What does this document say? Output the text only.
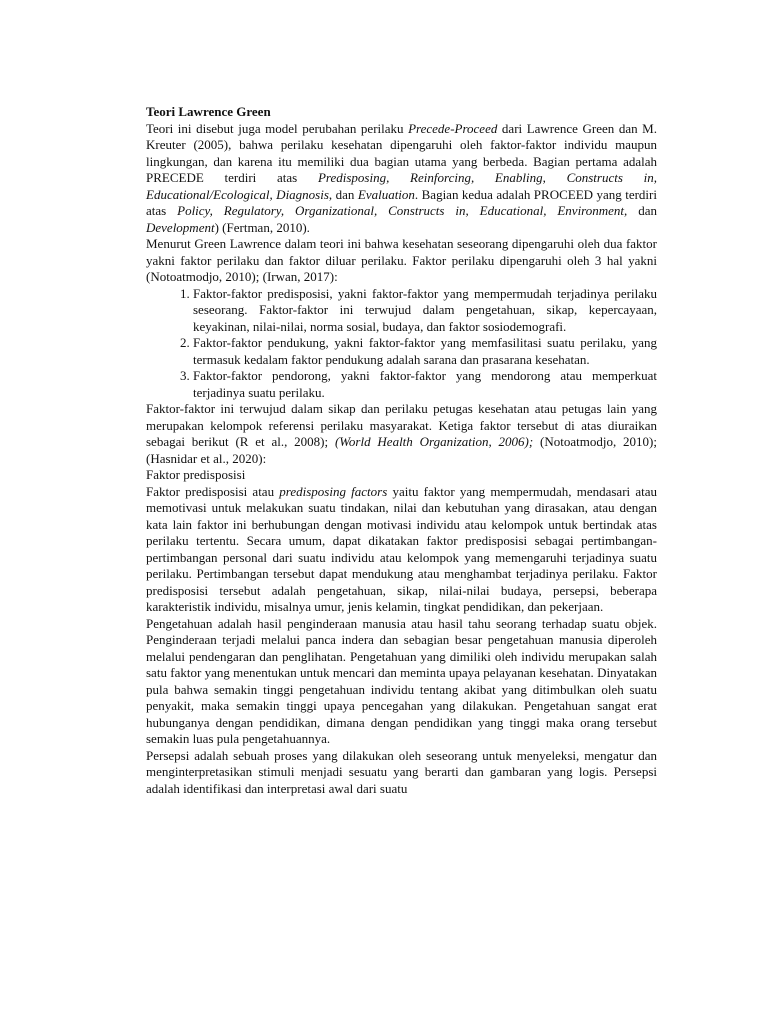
Teori Lawrence Green

Teori ini disebut juga model perubahan perilaku Precede-Proceed dari Lawrence Green dan M. Kreuter (2005), bahwa perilaku kesehatan dipengaruhi oleh faktor-faktor individu maupun lingkungan, dan karena itu memiliki dua bagian utama yang berbeda. Bagian pertama adalah PRECEDE terdiri atas Predisposing, Reinforcing, Enabling, Constructs in, Educational/Ecological, Diagnosis, dan Evaluation. Bagian kedua adalah PROCEED yang terdiri atas Policy, Regulatory, Organizational, Constructs in, Educational, Environment, dan Development) (Fertman, 2010).

Menurut Green Lawrence dalam teori ini bahwa kesehatan seseorang dipengaruhi oleh dua faktor yakni faktor perilaku dan faktor diluar perilaku. Faktor perilaku dipengaruhi oleh 3 hal yakni (Notoatmodjo, 2010); (Irwan, 2017):

1. Faktor-faktor predisposisi, yakni faktor-faktor yang mempermudah terjadinya perilaku seseorang. Faktor-faktor ini terwujud dalam pengetahuan, sikap, kepercayaan, keyakinan, nilai-nilai, norma sosial, budaya, dan faktor sosiodemografi.
2. Faktor-faktor pendukung, yakni faktor-faktor yang memfasilitasi suatu perilaku, yang termasuk kedalam faktor pendukung adalah sarana dan prasarana kesehatan.
3. Faktor-faktor pendorong, yakni faktor-faktor yang mendorong atau memperkuat terjadinya suatu perilaku.

Faktor-faktor ini terwujud dalam sikap dan perilaku petugas kesehatan atau petugas lain yang merupakan kelompok referensi perilaku masyarakat. Ketiga faktor tersebut di atas diuraikan sebagai berikut (R et al., 2008); (World Health Organization, 2006); (Notoatmodjo, 2010); (Hasnidar et al., 2020):

Faktor predisposisi

Faktor predisposisi atau predisposing factors yaitu faktor yang mempermudah, mendasari atau memotivasi untuk melakukan suatu tindakan, nilai dan kebutuhan yang dirasakan, atau dengan kata lain faktor ini berhubungan dengan motivasi individu atau kelompok untuk bertindak atas perilaku tertentu. Secara umum, dapat dikatakan faktor predisposisi sebagai pertimbangan-pertimbangan personal dari suatu individu atau kelompok yang memengaruhi terjadinya suatu perilaku. Pertimbangan tersebut dapat mendukung atau menghambat terjadinya perilaku. Faktor predisposisi tersebut adalah pengetahuan, sikap, nilai-nilai budaya, persepsi, beberapa karakteristik individu, misalnya umur, jenis kelamin, tingkat pendidikan, dan pekerjaan.

Pengetahuan adalah hasil penginderaan manusia atau hasil tahu seorang terhadap suatu objek. Penginderaan terjadi melalui panca indera dan sebagian besar pengetahuan manusia diperoleh melalui pendengaran dan penglihatan. Pengetahuan yang dimiliki oleh individu merupakan salah satu faktor yang menentukan untuk mencari dan meminta upaya pelayanan kesehatan. Dinyatakan pula bahwa semakin tinggi pengetahuan individu tentang akibat yang ditimbulkan oleh suatu penyakit, maka semakin tinggi upaya pencegahan yang dilakukan. Pengetahuan sangat erat hubunganya dengan pendidikan, dimana dengan pendidikan yang tinggi maka orang tersebut semakin luas pula pengetahuannya.

Persepsi adalah sebuah proses yang dilakukan oleh seseorang untuk menyeleksi, mengatur dan menginterpretasikan stimuli menjadi sesuatu yang berarti dan gambaran yang logis. Persepsi adalah identifikasi dan interpretasi awal dari suatu
